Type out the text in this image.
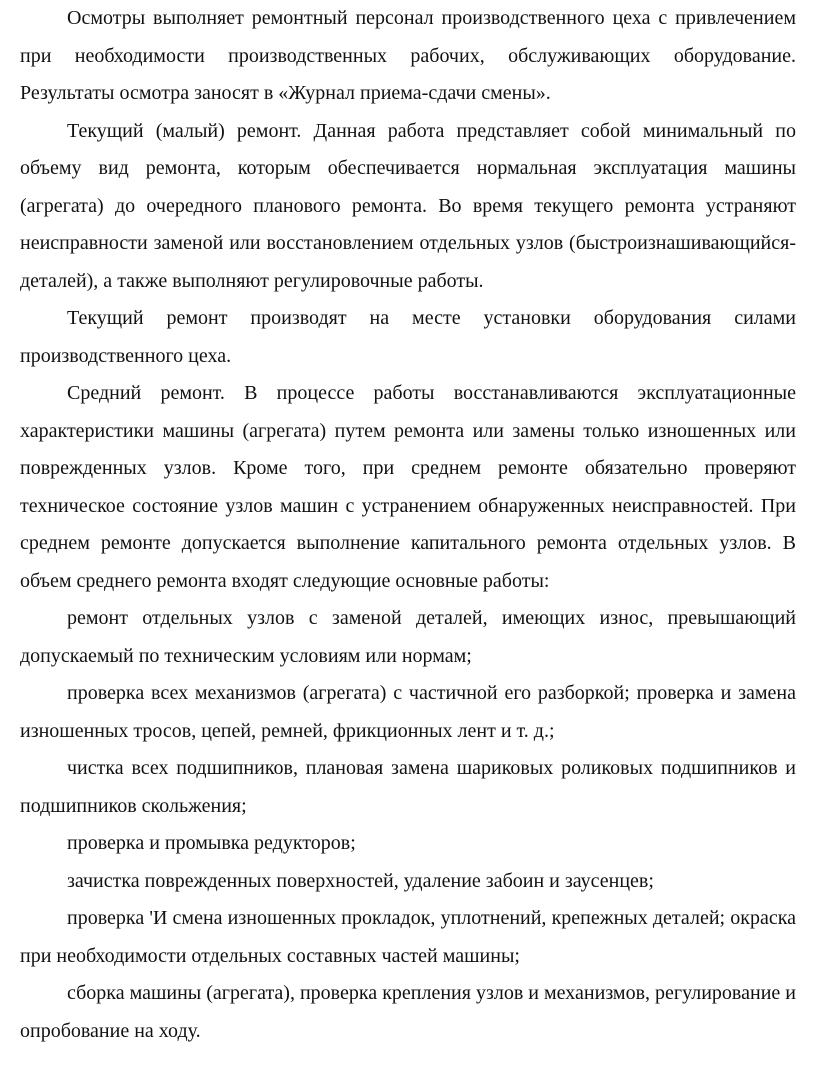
Осмотры выполняет ремонтный персонал производственного цеха с привлечением при необходимости производственных рабочих, обслуживающих оборудование. Результаты осмотра заносят в «Журнал приема-сдачи смены».

Текущий (малый) ремонт. Данная работа представляет собой минимальный по объему вид ремонта, которым обеспечивается нормальная эксплуатация машины (агрегата) до очередного планового ремонта. Во время текущего ремонта устраняют неисправности заменой или восстановлением отдельных узлов (быстроизнашивающийся-деталей), а также выполняют регулировочные работы.

Текущий ремонт производят на месте установки оборудования силами производственного цеха.

Средний ремонт. В процессе работы восстанавливаются эксплуатационные характеристики машины (агрегата) путем ремонта или замены только изношенных или поврежденных узлов. Кроме того, при среднем ремонте обязательно проверяют техническое состояние узлов машин с устранением обнаруженных неисправностей. При среднем ремонте допускается выполнение капитального ремонта отдельных узлов. В объем среднего ремонта входят следующие основные работы:

ремонт отдельных узлов с заменой деталей, имеющих износ, превышающий допускаемый по техническим условиям или нормам;

проверка всех механизмов (агрегата) с частичной его разборкой; проверка и замена изношенных тросов, цепей, ремней, фрикционных лент и т. д.;

чистка всех подшипников, плановая замена шариковых роликовых подшипников и подшипников скольжения;

проверка и промывка редукторов;

зачистка поврежденных поверхностей, удаление забоин и заусенцев;

проверка 'И смена изношенных прокладок, уплотнений, крепежных деталей; окраска при необходимости отдельных составных частей машины;

сборка машины (агрегата), проверка крепления узлов и механизмов, регулирование и опробование на ходу.
